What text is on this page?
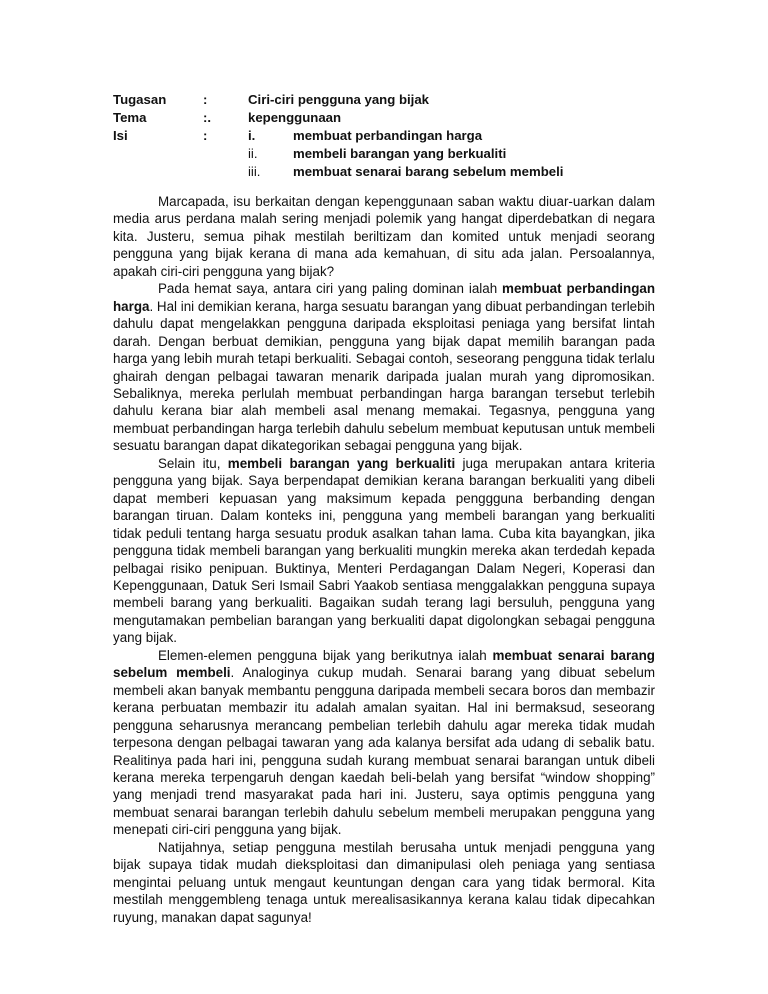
Tugasan	:	Ciri-ciri pengguna yang bijak
Tema	:.	kepenggunaan
Isi	:	i.	membuat perbandingan harga
ii.	membeli barangan yang berkualiti
iii. membuat senarai barang sebelum membeli

Marcapada, isu berkaitan dengan kepenggunaan saban waktu diuar-uarkan dalam media arus perdana malah sering menjadi polemik yang hangat diperdebatkan di negara kita. Justeru, semua pihak mestilah beriltizam dan komited untuk menjadi seorang pengguna yang bijak kerana di mana ada kemahuan, di situ ada jalan. Persoalannya, apakah ciri-ciri pengguna yang bijak?

Pada hemat saya, antara ciri yang paling dominan ialah membuat perbandingan harga. Hal ini demikian kerana, harga sesuatu barangan yang dibuat perbandingan terlebih dahulu dapat mengelakkan pengguna daripada eksploitasi peniaga yang bersifat lintah darah. Dengan berbuat demikian, pengguna yang bijak dapat memilih barangan pada harga yang lebih murah tetapi berkualiti. Sebagai contoh, seseorang pengguna tidak terlalu ghairah dengan pelbagai tawaran menarik daripada jualan murah yang dipromosikan. Sebaliknya, mereka perlulah membuat perbandingan harga barangan tersebut terlebih dahulu kerana biar alah membeli asal menang memakai. Tegasnya, pengguna yang membuat perbandingan harga terlebih dahulu sebelum membuat keputusan untuk membeli sesuatu barangan dapat dikategorikan sebagai pengguna yang bijak.

Selain itu, membeli barangan yang berkualiti juga merupakan antara kriteria pengguna yang bijak. Saya berpendapat demikian kerana barangan berkualiti yang dibeli dapat memberi kepuasan yang maksimum kepada penggguna berbanding dengan barangan tiruan. Dalam konteks ini, pengguna yang membeli barangan yang berkualiti tidak peduli tentang harga sesuatu produk asalkan tahan lama. Cuba kita bayangkan, jika pengguna tidak membeli barangan yang berkualiti mungkin mereka akan terdedah kepada pelbagai risiko penipuan. Buktinya, Menteri Perdagangan Dalam Negeri, Koperasi dan Kepenggunaan, Datuk Seri Ismail Sabri Yaakob sentiasa menggalakkan pengguna supaya membeli barang yang berkualiti. Bagaikan sudah terang lagi bersuluh, pengguna yang mengutamakan pembelian barangan yang berkualiti dapat digolongkan sebagai pengguna yang bijak.

Elemen-elemen pengguna bijak yang berikutnya ialah membuat senarai barang sebelum membeli. Analoginya cukup mudah. Senarai barang yang dibuat sebelum membeli akan banyak membantu pengguna daripada membeli secara boros dan membazir kerana perbuatan membazir itu adalah amalan syaitan. Hal ini bermaksud, seseorang pengguna seharusnya merancang pembelian terlebih dahulu agar mereka tidak mudah terpesona dengan pelbagai tawaran yang ada kalanya bersifat ada udang di sebalik batu. Realitinya pada hari ini, pengguna sudah kurang membuat senarai barangan untuk dibeli kerana mereka terpengaruh dengan kaedah beli-belah yang bersifat “window shopping” yang menjadi trend masyarakat pada hari ini. Justeru, saya optimis pengguna yang membuat senarai barangan terlebih dahulu sebelum membeli merupakan pengguna yang menepati ciri-ciri pengguna yang bijak.

Natijahnya, setiap pengguna mestilah berusaha untuk menjadi pengguna yang bijak supaya tidak mudah dieksploitasi dan dimanipulasi oleh peniaga yang sentiasa mengintai peluang untuk mengaut keuntungan dengan cara yang tidak bermoral. Kita mestilah menggembleng tenaga untuk merealisasikannya kerana kalau tidak dipecahkan ruyung, manakan dapat sagunya!
